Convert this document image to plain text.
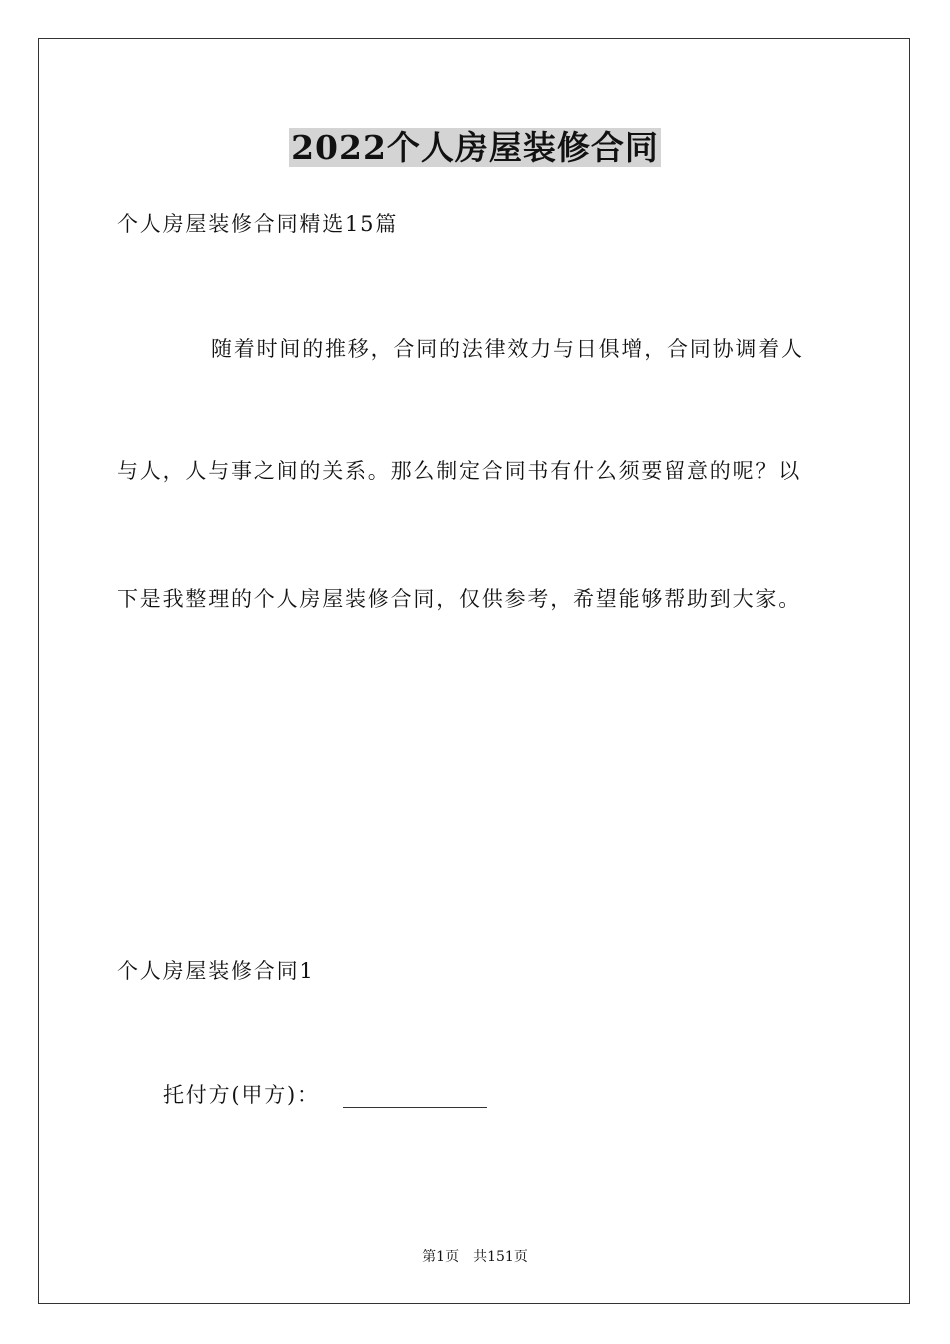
2022个人房屋装修合同
个人房屋装修合同精选15篇
随着时间的推移，合同的法律效力与日俱增，合同协调着人
与人，人与事之间的关系。那么制定合同书有什么须要留意的呢？以
下是我整理的个人房屋装修合同，仅供参考，希望能够帮助到大家。
个人房屋装修合同1
托付方(甲方)：
第1页 共151页
